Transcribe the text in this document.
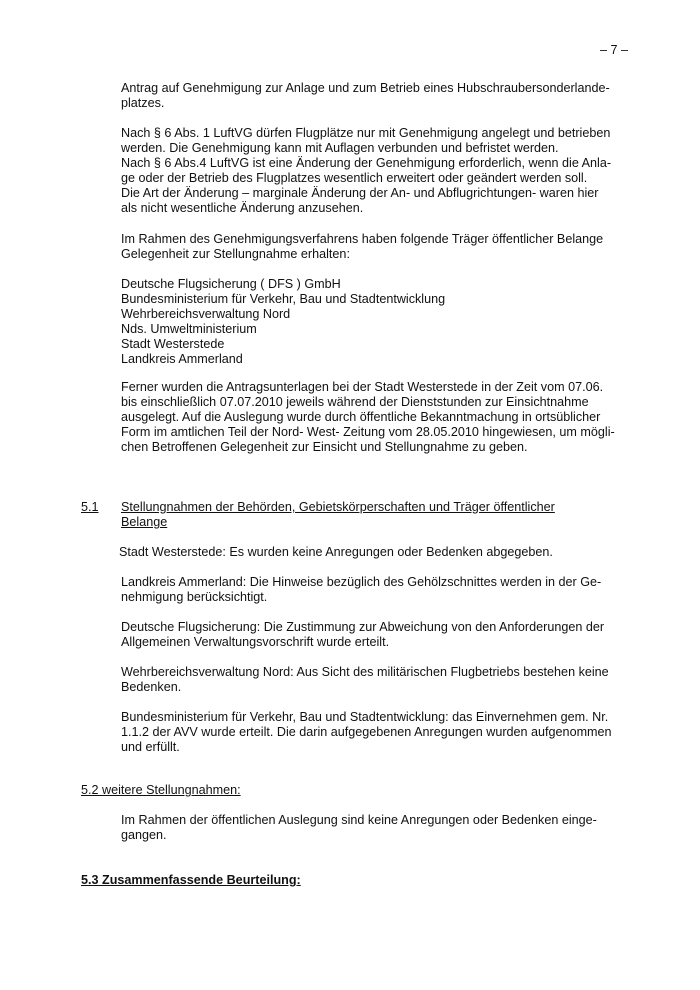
– 7 –

Antrag auf Genehmigung zur Anlage und zum Betrieb eines Hubschraubersonderlande-

platzes.

Nach § 6 Abs. 1 LuftVG dürfen Flugplätze nur mit Genehmigung angelegt und betrieben

werden. Die Genehmigung kann mit Auflagen verbunden und befristet werden.

Nach § 6 Abs.4 LuftVG ist eine Änderung der Genehmigung erforderlich, wenn die Anla-

ge oder der Betrieb des Flugplatzes wesentlich erweitert oder geändert werden soll.

Die Art der Änderung – marginale Änderung der An- und Abflugrichtungen- waren hier

als nicht wesentliche Änderung anzusehen.

Im Rahmen des Genehmigungsverfahrens haben folgende Träger öffentlicher Belange

Gelegenheit zur Stellungnahme erhalten:

Deutsche Flugsicherung ( DFS ) GmbH

Bundesministerium für Verkehr, Bau und Stadtentwicklung

Wehrbereichsverwaltung Nord

Nds. Umweltministerium

Stadt Westerstede

Landkreis Ammerland

Ferner wurden die Antragsunterlagen bei der Stadt Westerstede in der Zeit vom 07.06.

bis einschließlich 07.07.2010 jeweils während der Dienststunden zur Einsichtnahme

ausgelegt. Auf die Auslegung wurde durch öffentliche Bekanntmachung in ortsüblicher

Form im amtlichen Teil der Nord- West- Zeitung vom 28.05.2010 hingewiesen, um mögli-

chen Betroffenen Gelegenheit zur Einsicht und Stellungnahme zu geben.

5.1	Stellungnahmen der Behörden, Gebietskörperschaften und Träger öffentlicher
Belange

Stadt Westerstede: Es wurden keine Anregungen oder Bedenken abgegeben.

Landkreis Ammerland: Die Hinweise bezüglich des Gehölzschnittes werden in der Ge-

nehmigung berücksichtigt.

Deutsche Flugsicherung: Die Zustimmung zur Abweichung von den Anforderungen der

Allgemeinen Verwaltungsvorschrift wurde erteilt.

Wehrbereichsverwaltung Nord: Aus Sicht des militärischen Flugbetriebs bestehen keine

Bedenken.

Bundesministerium für Verkehr, Bau und Stadtentwicklung: das Einvernehmen gem. Nr.

1.1.2 der AVV wurde erteilt. Die darin aufgegebenen Anregungen wurden aufgenommen

und erfüllt.

5.2 weitere Stellungnahmen:

Im Rahmen der öffentlichen Auslegung sind keine Anregungen oder Bedenken einge-

gangen.

5.3 Zusammenfassende Beurteilung:
